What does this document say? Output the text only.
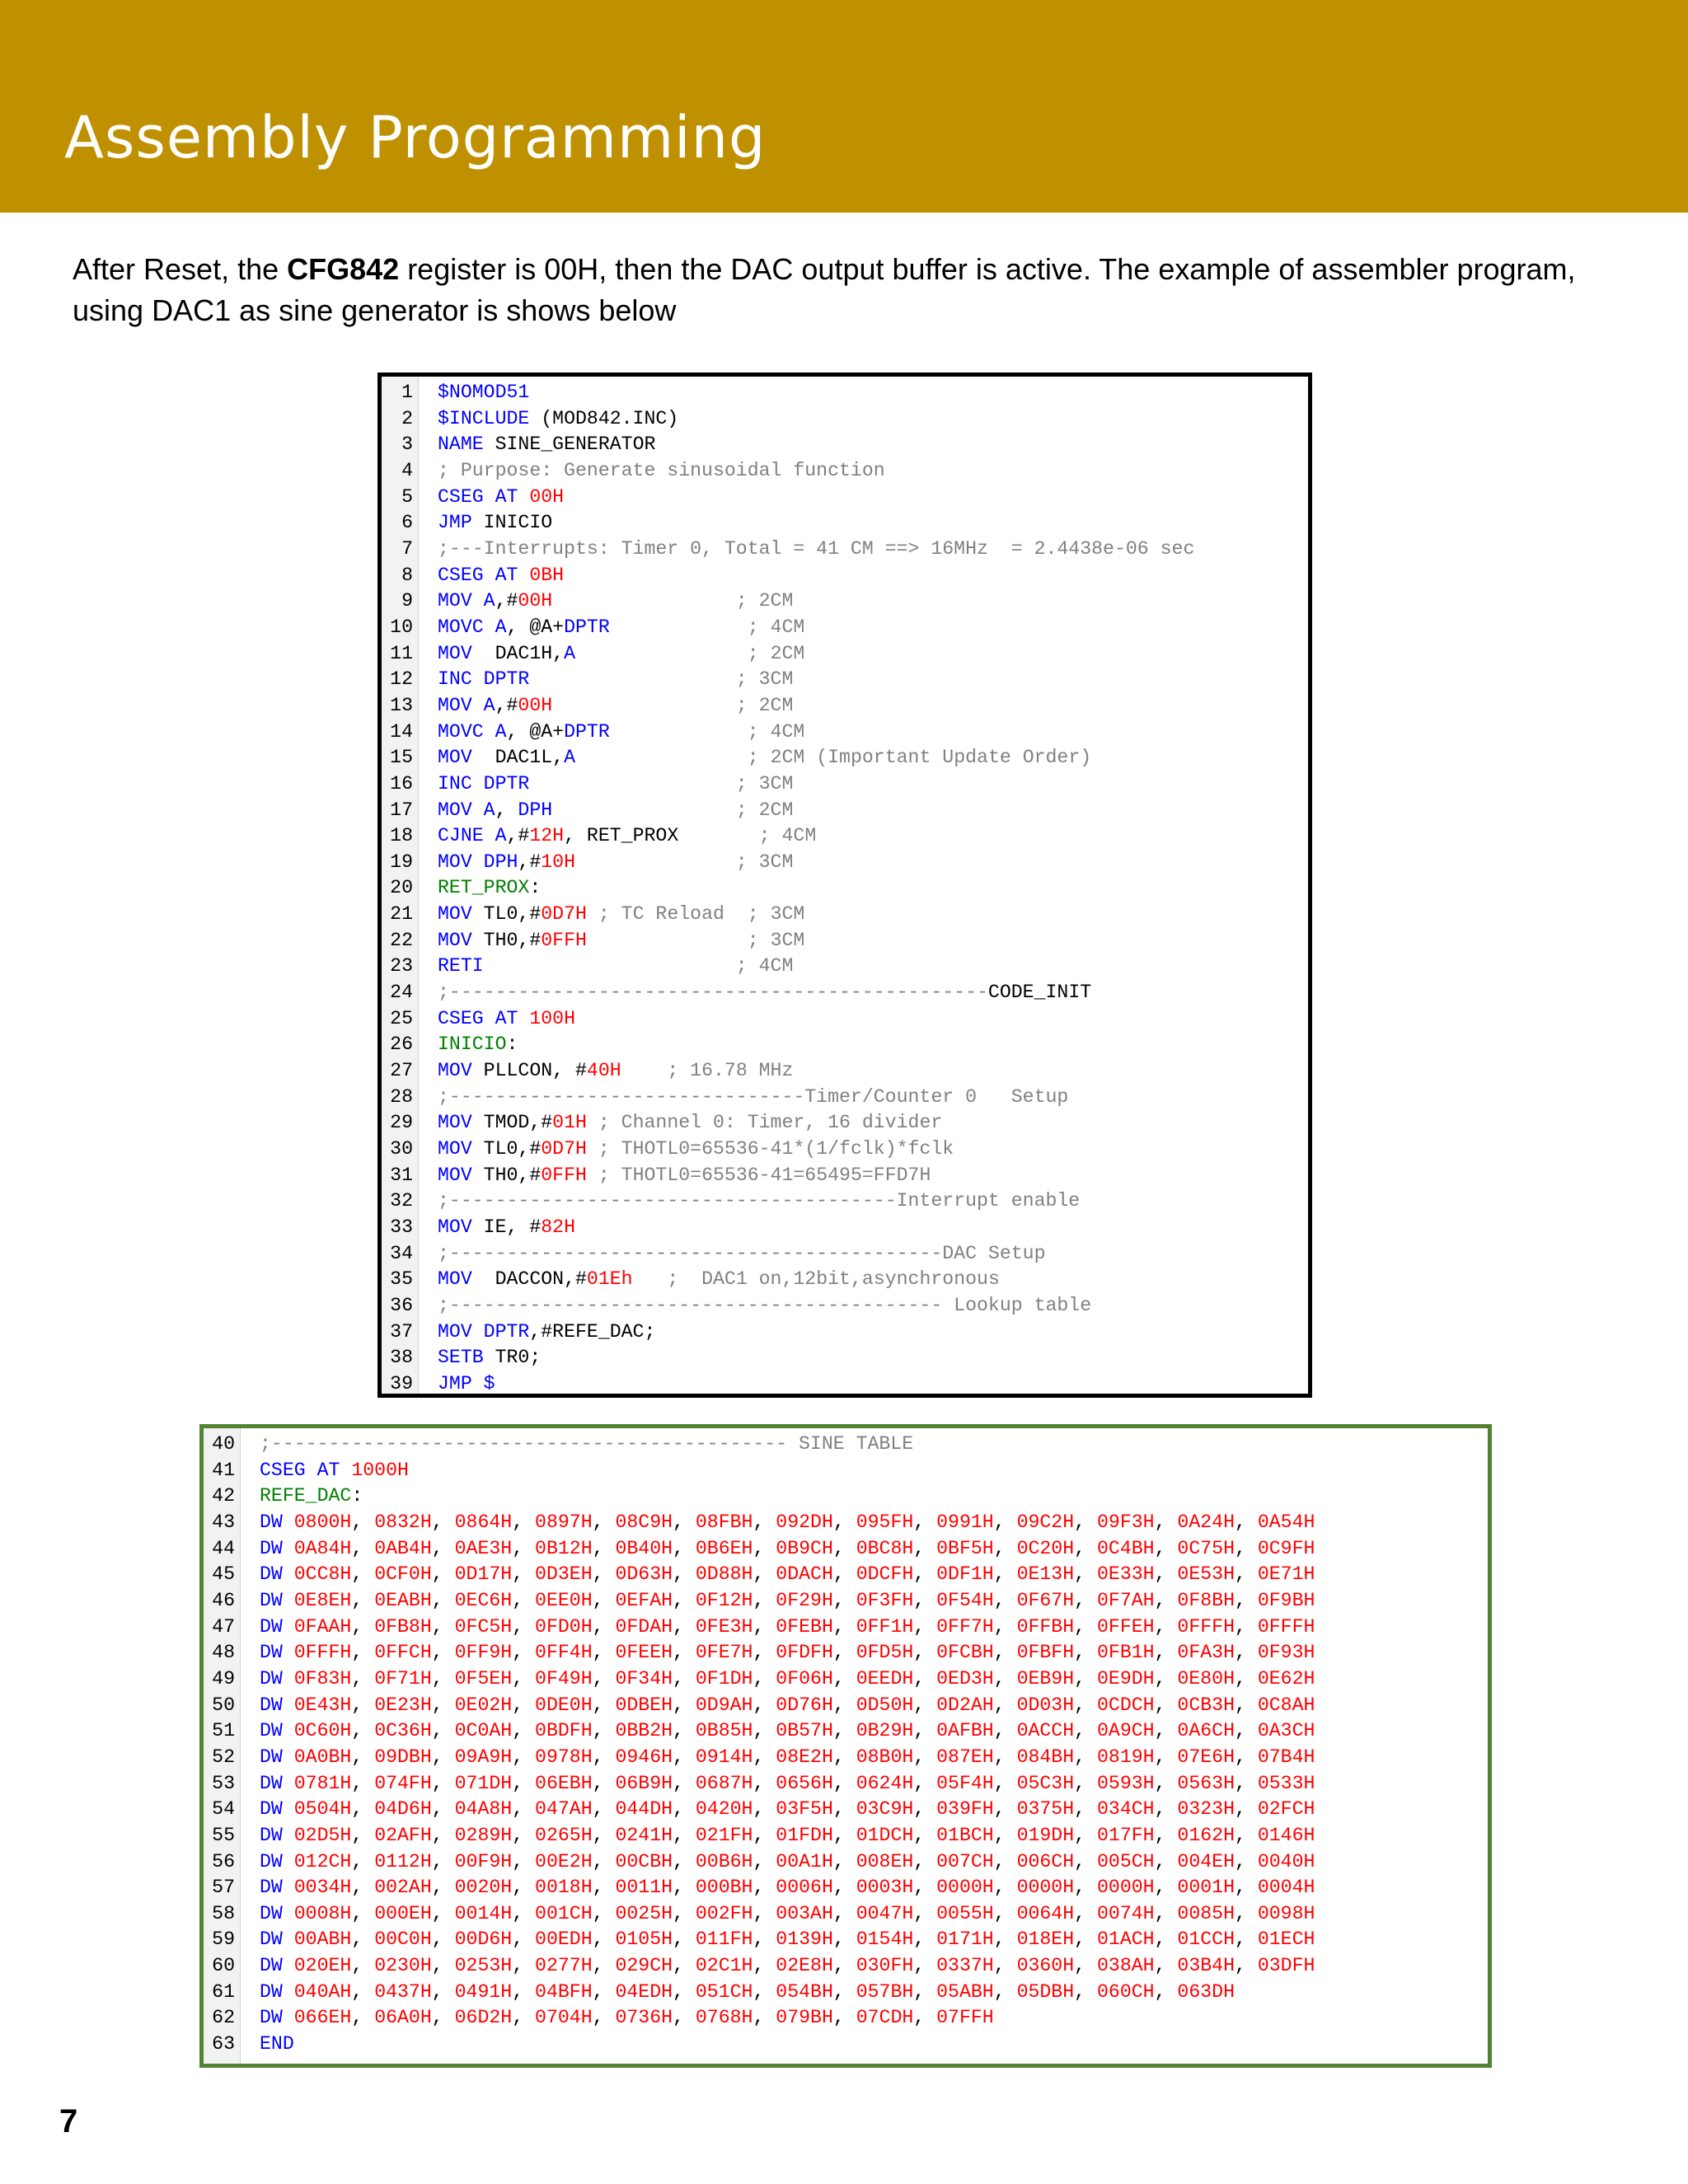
Assembly Programming

After Reset, the CFG842 register is 00H, then the DAC output buffer is active. The example of assembler program, using DAC1 as sine generator is shows below

1 $NOMOD51
2 $INCLUDE (MOD842.INC)
3 NAME SINE_GENERATOR
4 ; Purpose: Generate sinusoidal function
5 CSEG AT 00H
6 JMP INICIO
7 ;---Interrupts: Timer 0, Total = 41 CM ==> 16MHz  = 2.4438e-06 sec
8 CSEG AT 0BH
9 MOV A,#00H	; 2CM
10 MOVC A, @A+DPTR	; 4CM
11 MOV  DAC1H,A	; 2CM
12 INC DPTR	; 3CM
13 MOV A,#00H	; 2CM
14 MOVC A, @A+DPTR	; 4CM
15 MOV  DAC1L,A	; 2CM (Important Update Order)
16 INC DPTR	; 3CM
17 MOV A, DPH	; 2CM
18 CJNE A,#12H, RET_PROX       ; 4CM
19 MOV DPH,#10H	; 3CM
20 RET_PROX:
21 MOV TL0,#0D7H ; TC Reload  ; 3CM
22 MOV TH0,#0FFH	; 3CM
23 RETI	; 4CM
24 ;-----------------------------------------------CODE_INIT
25 CSEG AT 100H
26 INICIO:
27 MOV PLLCON, #40H ; 16.78 MHz
28 ;-------------------------------Timer/Counter 0   Setup
29 MOV TMOD,#01H ; Channel 0: Timer, 16 divider
30 MOV TL0,#0D7H ; THOTL0=65536-41*(1/fclk)*fclk
31 MOV TH0,#0FFH ; THOTL0=65536-41=65495=FFD7H
32 ;---------------------------------------Interrupt enable
33 MOV IE, #82H
34 ;-------------------------------------------DAC Setup
35 MOV  DACCON,#01Eh ;  DAC1 on,12bit,asynchronous
36 ;------------------------------------------- Lookup table
37 MOV DPTR,#REFE_DAC;
38 SETB TR0;
39 JMP $
40 ;--------------------------------------------- SINE TABLE
41 CSEG AT 1000H
42 REFE_DAC:
43 DW 0800H, 0832H, 0864H, 0897H, 08C9H, 08FBH, 092DH, 095FH, 0991H, 09C2H, 09F3H, 0A24H, 0A54H
44 DW 0A84H, 0AB4H, 0AE3H, 0B12H, 0B40H, 0B6EH, 0B9CH, 0BC8H, 0BF5H, 0C20H, 0C4BH, 0C75H, 0C9FH
45 DW 0CC8H, 0CF0H, 0D17H, 0D3EH, 0D63H, 0D88H, 0DACH, 0DCFH, 0DF1H, 0E13H, 0E33H, 0E53H, 0E71H
46 DW 0E8EH, 0EABH, 0EC6H, 0EE0H, 0EFAH, 0F12H, 0F29H, 0F3FH, 0F54H, 0F67H, 0F7AH, 0F8BH, 0F9BH
47 DW 0FAAH, 0FB8H, 0FC5H, 0FD0H, 0FDAH, 0FE3H, 0FEBH, 0FF1H, 0FF7H, 0FFBH, 0FFEH, 0FFFH, 0FFFH
48 DW 0FFFH, 0FFCH, 0FF9H, 0FF4H, 0FEEH, 0FE7H, 0FDFH, 0FD5H, 0FCBH, 0FBFH, 0FB1H, 0FA3H, 0F93H
49 DW 0F83H, 0F71H, 0F5EH, 0F49H, 0F34H, 0F1DH, 0F06H, 0EEDH, 0ED3H, 0EB9H, 0E9DH, 0E80H, 0E62H
50 DW 0E43H, 0E23H, 0E02H, 0DE0H, 0DBEH, 0D9AH, 0D76H, 0D50H, 0D2AH, 0D03H, 0CDCH, 0CB3H, 0C8AH
51 DW 0C60H, 0C36H, 0C0AH, 0BDFH, 0BB2H, 0B85H, 0B57H, 0B29H, 0AFBH, 0ACCH, 0A9CH, 0A6CH, 0A3CH
52 DW 0A0BH, 09DBH, 09A9H, 0978H, 0946H, 0914H, 08E2H, 08B0H, 087EH, 084BH, 0819H, 07E6H, 07B4H
53 DW 0781H, 074FH, 071DH, 06EBH, 06B9H, 0687H, 0656H, 0624H, 05F4H, 05C3H, 0593H, 0563H, 0533H
54 DW 0504H, 04D6H, 04A8H, 047AH, 044DH, 0420H, 03F5H, 03C9H, 039FH, 0375H, 034CH, 0323H, 02FCH
55 DW 02D5H, 02AFH, 0289H, 0265H, 0241H, 021FH, 01FDH, 01DCH, 01BCH, 019DH, 017FH, 0162H, 0146H
56 DW 012CH, 0112H, 00F9H, 00E2H, 00CBH, 00B6H, 00A1H, 008EH, 007CH, 006CH, 005CH, 004EH, 0040H
57 DW 0034H, 002AH, 0020H, 0018H, 0011H, 000BH, 0006H, 0003H, 0000H, 0000H, 0000H, 0001H, 0004H
58 DW 0008H, 000EH, 0014H, 001CH, 0025H, 002FH, 003AH, 0047H, 0055H, 0064H, 0074H, 0085H, 0098H
59 DW 00ABH, 00C0H, 00D6H, 00EDH, 0105H, 011FH, 0139H, 0154H, 0171H, 018EH, 01ACH, 01CCH, 01ECH
60 DW 020EH, 0230H, 0253H, 0277H, 029CH, 02C1H, 02E8H, 030FH, 0337H, 0360H, 038AH, 03B4H, 03DFH
61 DW 040AH, 0437H, 0491H, 04BFH, 04EDH, 051CH, 054BH, 057BH, 05ABH, 05DBH, 060CH, 063DH
62 DW 066EH, 06A0H, 06D2H, 0704H, 0736H, 0768H, 079BH, 07CDH, 07FFH
63 END

7
